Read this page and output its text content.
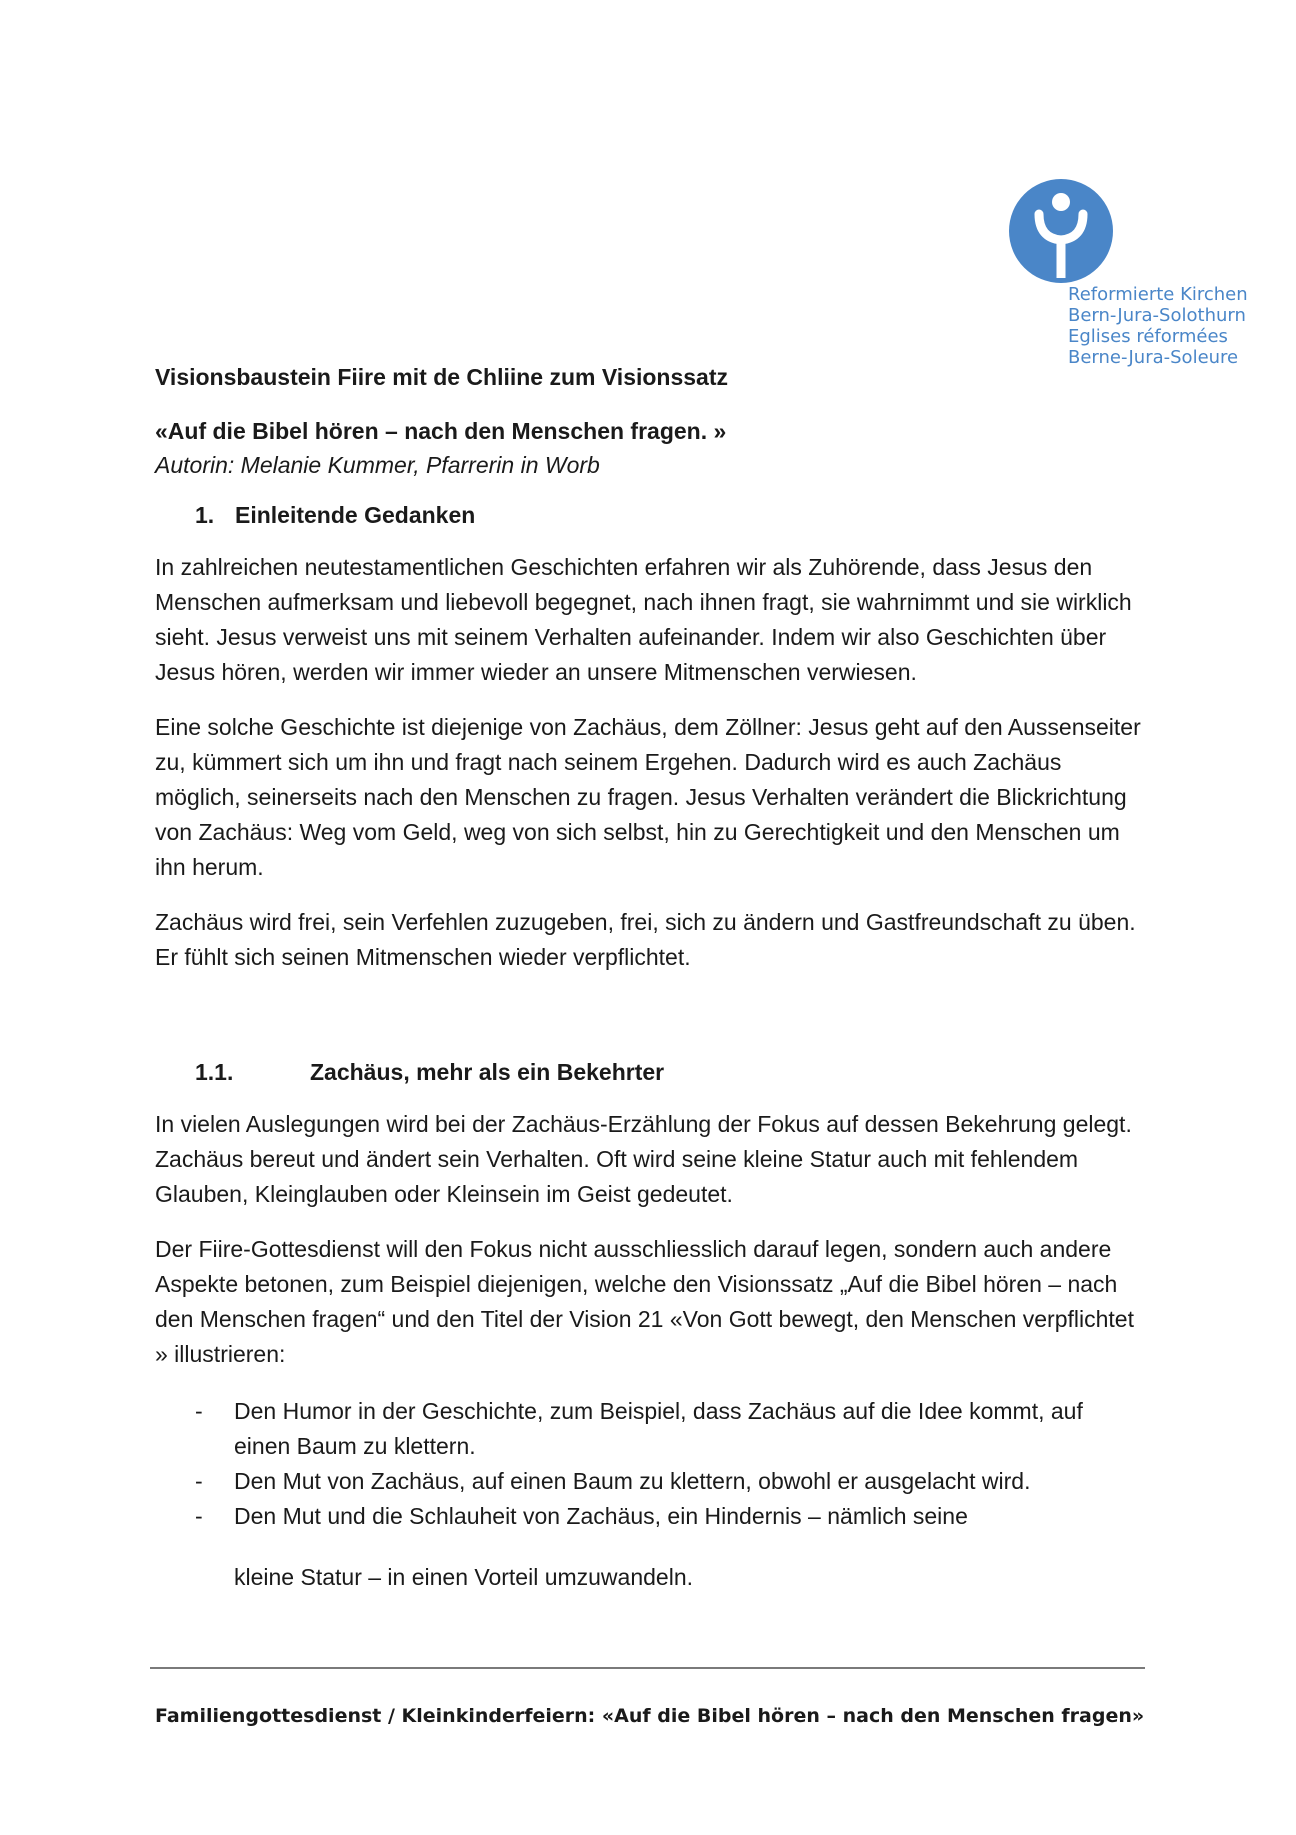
Reformierte Kirchen
Bern-Jura-Solothurn
Eglises réformées
Berne-Jura-Soleure
Visionsbaustein Fiire mit de Chliine zum Visionssatz
«Auf die Bibel hören – nach den Menschen fragen. »
Autorin: Melanie Kummer, Pfarrerin in Worb
1. Einleitende Gedanken

In zahlreichen neutestamentlichen Geschichten erfahren wir als Zuhörende, dass Jesus den Menschen aufmerksam und liebevoll begegnet, nach ihnen fragt, sie wahrnimmt und sie wirklich sieht. Jesus verweist uns mit seinem Verhalten aufeinander. Indem wir also Geschichten über Jesus hören, werden wir immer wieder an unsere Mitmenschen verwiesen.

Eine solche Geschichte ist diejenige von Zachäus, dem Zöllner: Jesus geht auf den Aussenseiter zu, kümmert sich um ihn und fragt nach seinem Ergehen. Dadurch wird es auch Zachäus möglich, seinerseits nach den Menschen zu fragen. Jesus Verhalten verändert die Blickrichtung von Zachäus: Weg vom Geld, weg von sich selbst, hin zu Gerechtigkeit und den Menschen um ihn herum.

Zachäus wird frei, sein Verfehlen zuzugeben, frei, sich zu ändern und Gastfreundschaft zu üben. Er fühlt sich seinen Mitmenschen wieder verpflichtet.

1.1.	Zachäus, mehr als ein Bekehrter

In vielen Auslegungen wird bei der Zachäus-Erzählung der Fokus auf dessen Bekehrung gelegt. Zachäus bereut und ändert sein Verhalten. Oft wird seine kleine Statur auch mit fehlendem Glauben, Kleinglauben oder Kleinsein im Geist gedeutet.

Der Fiire-Gottesdienst will den Fokus nicht ausschliesslich darauf legen, sondern auch andere Aspekte betonen, zum Beispiel diejenigen, welche den Visionssatz „Auf die Bibel hören – nach den Menschen fragen“ und den Titel der Vision 21 «Von Gott bewegt, den Menschen verpflichtet » illustrieren:

- Den Humor in der Geschichte, zum Beispiel, dass Zachäus auf die Idee kommt, auf einen Baum zu klettern.
- Den Mut von Zachäus, auf einen Baum zu klettern, obwohl er ausgelacht wird.
- Den Mut und die Schlauheit von Zachäus, ein Hindernis – nämlich seine
kleine Statur – in einen Vorteil umzuwandeln.
Familiengottesdienst / Kleinkinderfeiern: «Auf die Bibel hören – nach den Menschen fragen»
